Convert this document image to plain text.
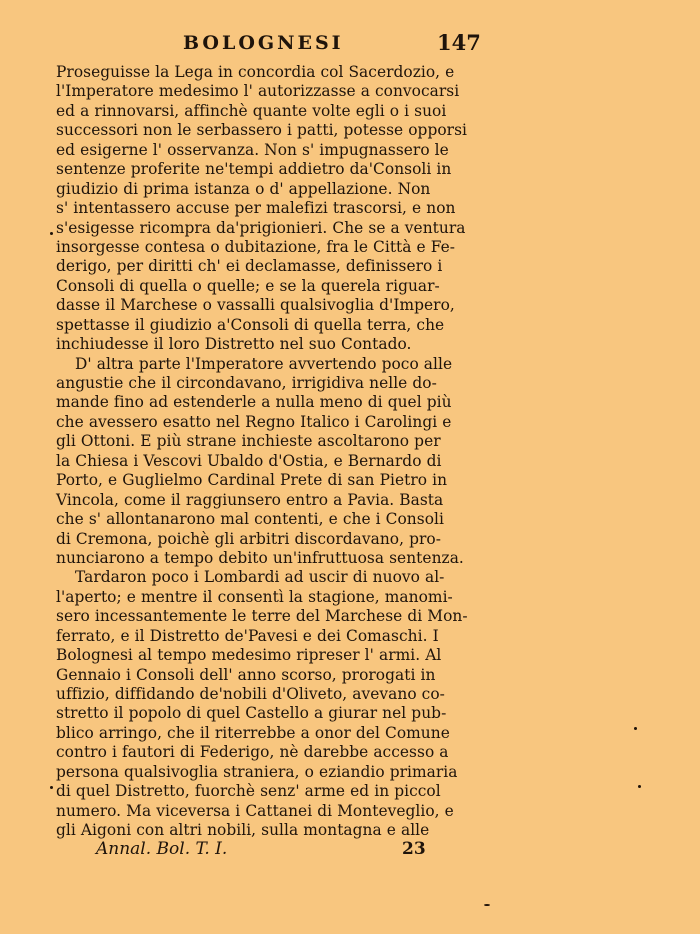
BOLOGNESI	147
Proseguisse la Lega in concordia col Sacerdozio, e
l'Imperatore medesimo l' autorizzasse a convocarsi
ed a rinnovarsi, affinchè quante volte egli o i suoi
successori non le serbassero i patti, potesse opporsi
ed esigerne l' osservanza. Non s' impugnassero le
sentenze proferite ne'tempi addietro da'Consoli in
giudizio di prima istanza o d' appellazione. Non
s' intentassero accuse per malefizi trascorsi, e non
s'esigesse ricompra da'prigionieri. Che se a ventura
insorgesse contesa o dubitazione, fra le Città e Fe-
derigo, per diritti ch' ei declamasse, definissero i
Consoli di quella o quelle; e se la querela riguar-
dasse il Marchese o vassalli qualsivoglia d'Impero,
spettasse il giudizio a'Consoli di quella terra, che
inchiudesse il loro Distretto nel suo Contado.
D' altra parte l'Imperatore avvertendo poco alle
angustie che il circondavano, irrigidiva nelle do-
mande fino ad estenderle a nulla meno di quel più
che avessero esatto nel Regno Italico i Carolingi e
gli Ottoni. E più strane inchieste ascoltarono per
la Chiesa i Vescovi Ubaldo d'Ostia, e Bernardo di
Porto, e Guglielmo Cardinal Prete di san Pietro in
Vincola, come il raggiunsero entro a Pavia. Basta
che s' allontanarono mal contenti, e che i Consoli
di Cremona, poichè gli arbitri discordavano, pro-
nunciarono a tempo debito un'infruttuosa sentenza.
Tardaron poco i Lombardi ad uscir di nuovo al-
l'aperto; e mentre il consentì la stagione, manomi-
sero incessantemente le terre del Marchese di Mon-
ferrato, e il Distretto de'Pavesi e dei Comaschi. I
Bolognesi al tempo medesimo ripreser l' armi. Al
Gennaio i Consoli dell' anno scorso, prorogati in
uffizio, diffidando de'nobili d'Oliveto, avevano co-
stretto il popolo di quel Castello a giurar nel pub-
blico arringo, che il riterrebbe a onor del Comune
contro i fautori di Federigo, nè darebbe accesso a
persona qualsivoglia straniera, o eziandio primaria
di quel Distretto, fuorchè senz' arme ed in piccol
numero. Ma viceversa i Cattanei di Monteveglio, e
gli Aigoni con altri nobili, sulla montagna e alle
Annal. Bol. T. I.	23
